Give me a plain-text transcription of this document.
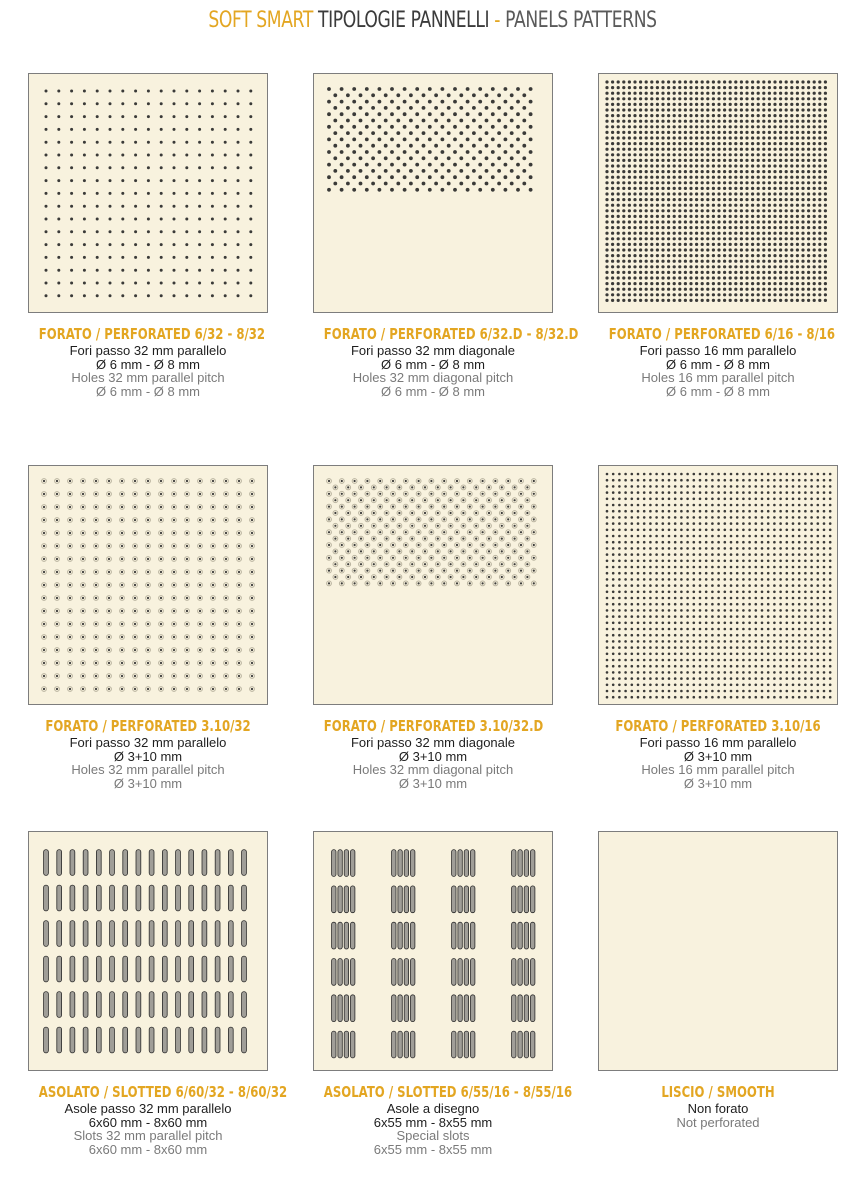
SOFT SMART TIPOLOGIE PANNELLI - PANELS PATTERNS
FORATO / PERFORATED 6/32 - 8/32
Fori passo 32 mm parallelo
Ø 6 mm - Ø 8 mm
Holes 32 mm parallel pitch
Ø 6 mm - Ø 8 mm
FORATO / PERFORATED 6/32.D - 8/32.D
Fori passo 32 mm diagonale
Ø 6 mm - Ø 8 mm
Holes 32 mm diagonal pitch
Ø 6 mm - Ø 8 mm
FORATO / PERFORATED 6/16 - 8/16
Fori passo 16 mm parallelo
Ø 6 mm - Ø 8 mm
Holes 16 mm parallel pitch
Ø 6 mm - Ø 8 mm
FORATO / PERFORATED 3.10/32
Fori passo 32 mm parallelo
Ø 3+10 mm
Holes 32 mm parallel pitch
Ø 3+10 mm
FORATO / PERFORATED 3.10/32.D
Fori passo 32 mm diagonale
Ø 3+10 mm
Holes 32 mm diagonal pitch
Ø 3+10 mm
FORATO / PERFORATED 3.10/16
Fori passo 16 mm parallelo
Ø 3+10 mm
Holes 16 mm parallel pitch
Ø 3+10 mm
ASOLATO / SLOTTED 6/60/32 - 8/60/32
Asole passo 32 mm parallelo
6x60 mm - 8x60 mm
Slots 32 mm parallel pitch
6x60 mm - 8x60 mm
ASOLATO / SLOTTED 6/55/16 - 8/55/16
Asole a disegno
6x55 mm - 8x55 mm
Special slots
6x55 mm - 8x55 mm
LISCIO / SMOOTH
Non forato
Not perforated
